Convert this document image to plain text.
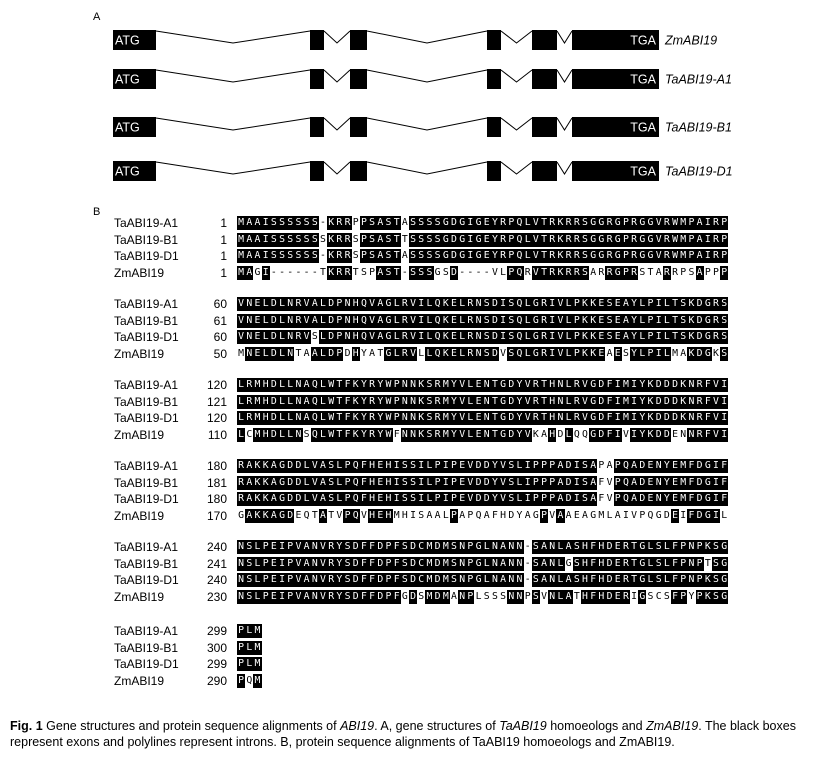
A
ATG	TGA ZmABI19
ATG	TGA TaABI19-A1
ATG	TGA TaABI19-B1
ATG	TGA TaABI19-D1
B
TaABI19-A1	1 M A A I S S S S S S - K R R P P S A S T A S S S S G D G I G E Y R P Q L V T R K R R S G G R G P R G G V R W M P A I R P
TaABI19-B1	1 M A A I S S S S S S S K R R S P S A S T T S S S S G D G I G E Y R P Q L V T R K R R S G G R G P R G G V R W M P A I R P
TaABI19-D1	1 M A A I S S S S S S - K R R S P S A S T A S S S S G D G I G E Y R P Q L V T R K R R S G G R G P R G G V R W M P A I R P
ZmABI19	1 M A G I - - - - - - T K R R T S P A S T - S S S G S D - - - - V L P Q R V T R K R R S A R R G P R S T A R R P S A P P P
TaABI19-A1	60 V N E L D L N R V A L D P N H Q V A G L R V I L Q K E L R N S D I S Q L G R I V L P K K E S E A Y L P I L T S K D G R S
TaABI19-B1	61 V N E L D L N R V A L D P N H Q V A G L R V I L Q K E L R N S D I S Q L G R I V L P K K E S E A Y L P I L T S K D G R S
TaABI19-D1	60 V N E L D L N R V S L D P N H Q V A G L R V I L Q K E L R N S D I S Q L G R I V L P K K E S E A Y L P I L T S K D G R S
ZmABI19	50 M N E L D L N T A A L D P D H Y A T G L R V L L Q K E L R N S D V S Q L G R I V L P K K E A E S Y L P I L M A K D G K S
TaABI19-A1	120 L R M H D L L N A Q L W T F K Y R Y W P N N K S R M Y V L E N T G D Y V R T H N L R V G D F I M I Y K D D D K N R F V I
TaABI19-B1	121 L R M H D L L N A Q L W T F K Y R Y W P N N K S R M Y V L E N T G D Y V R T H N L R V G D F I M I Y K D D D K N R F V I
TaABI19-D1	120 L R M H D L L N A Q L W T F K Y R Y W P N N K S R M Y V L E N T G D Y V R T H N L R V G D F I M I Y K D D D K N R F V I
ZmABI19	110 L C M H D L L N S Q L W T F K Y R Y W F N N K S R M Y V L E N T G D Y V K A H D L Q Q G D F I V I Y K D D E N N R F V I
TaABI19-A1	180 R A K K A G D D L V A S L P Q F H E H I S S I L P I P E V D D Y V S L I P P P A D I S A P A P Q A D E N Y E M F D G I F
TaABI19-B1	181 R A K K A G D D L V A S L P Q F H E H I S S I L P I P E V D D Y V S L I P P P A D I S A F V P Q A D E N Y E M F D G I F
TaABI19-D1	180 R A K K A G D D L V A S L P Q F H E H I S S I L P I P E V D D Y V S L I P P P A D I S A F V P Q A D E N Y E M F D G I F
ZmABI19	170 G A K K A G D E Q T A T V P Q V H E H M H I S A A L P A P Q A F H D Y A G P V A A E A G M L A I V P Q G D E I F D G I L
TaABI19-A1	240 N S L P E I P V A N V R Y S D F F D P F S D C M D M S N P G L N A N N - S A N L A S H F H D E R T G L S L F P N P K S G
TaABI19-B1	241 N S L P E I P V A N V R Y S D F F D P F S D C M D M S N P G L N A N N - S A N L G S H F H D E R T G L S L F P N P T S G
TaABI19-D1	240 N S L P E I P V A N V R Y S D F F D P F S D C M D M S N P G L N A N N - S A N L A S H F H D E R T G L S L F P N P K S G
ZmABI19	230 N S L P E I P V A N V R Y S D F F D P F G D S M D M A N P L S S S N N P S V N L A T H F H D E R I G S C S F P Y P K S G
TaABI19-A1	299 P L M
TaABI19-B1	300 P L M
TaABI19-D1	299 P L M
ZmABI19	290 P Q M
Fig. 1 Gene structures and protein sequence alignments of ABI19. A, gene structures of TaABI19 homoeologs and ZmABI19. The black boxes represent exons and polylines represent introns. B, protein sequence alignments of TaABI19 homoeologs and ZmABI19.
